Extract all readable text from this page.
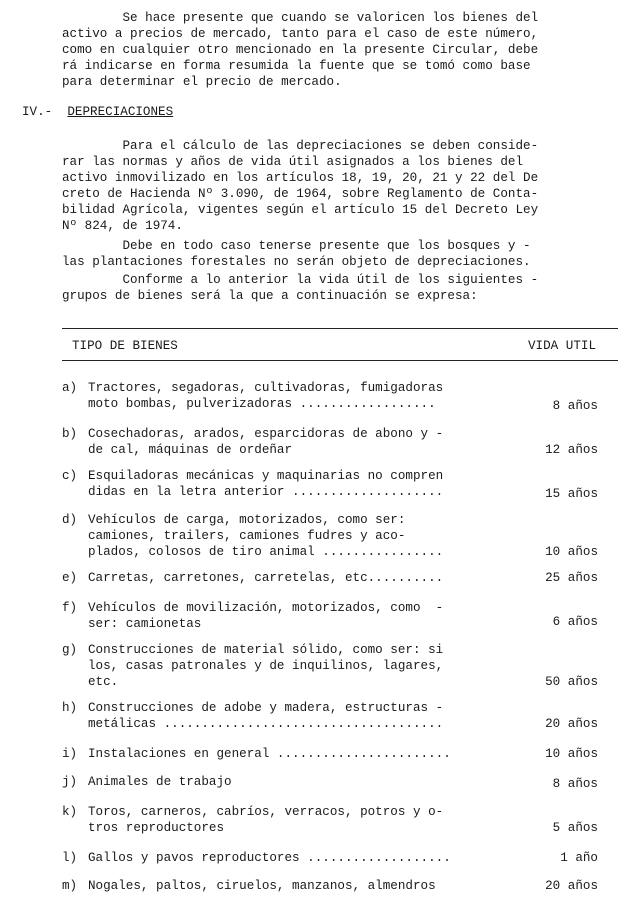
Se hace presente que cuando se valoricen los bienes del
activo a precios de mercado, tanto para el caso de este número,
como en cualquier otro mencionado en la presente Circular, debe
rá indicarse en forma resumida la fuente que se tomó como base
para determinar el precio de mercado.

IV.- DEPRECIACIONES

Para el cálculo de las depreciaciones se deben conside-
rar las normas y años de vida útil asignados a los bienes del
activo inmovilizado en los artículos 18, 19, 20, 21 y 22 del De
creto de Hacienda Nº 3.090, de 1964, sobre Reglamento de Conta-
bilidad Agrícola, vigentes según el artículo 15 del Decreto Ley
Nº 824, de 1974.

Debe en todo caso tenerse presente que los bosques y -
las plantaciones forestales no serán objeto de depreciaciones.

Conforme a lo anterior la vida útil de los siguientes -
grupos de bienes será la que a continuación se expresa:

TIPO DE BIENES	VIDA UTIL
a) Tractores, segadoras, cultivadoras, fumigadoras
moto bombas, pulverizadoras ..................	8 años
b) Cosechadoras, arados, esparcidoras de abono y -
de cal, máquinas de ordeñar	12 años
c) Esquiladoras mecánicas y maquinarias no compren
didas en la letra anterior ....................	15 años
d) Vehículos de carga, motorizados, como ser:
camiones, trailers, camiones fudres y aco-
plados, colosos de tiro animal ................	10 años
e) Carretas, carretones, carretelas, etc..........	25 años
f) Vehículos de movilización, motorizados, como  -
ser: camionetas	6 años
g) Construcciones de material sólido, como ser: si
los, casas patronales y de inquilinos, lagares,
etc.	50 años
h) Construcciones de adobe y madera, estructuras -
metálicas .....................................	20 años
i) Instalaciones en general .......................	10 años
j) Animales de trabajo	8 años
k) Toros, carneros, cabríos, verracos, potros y o-
tros reproductores	5 años
l) Gallos y pavos reproductores ...................	1 año
m) Nogales, paltos, ciruelos, manzanos, almendros	20 años
